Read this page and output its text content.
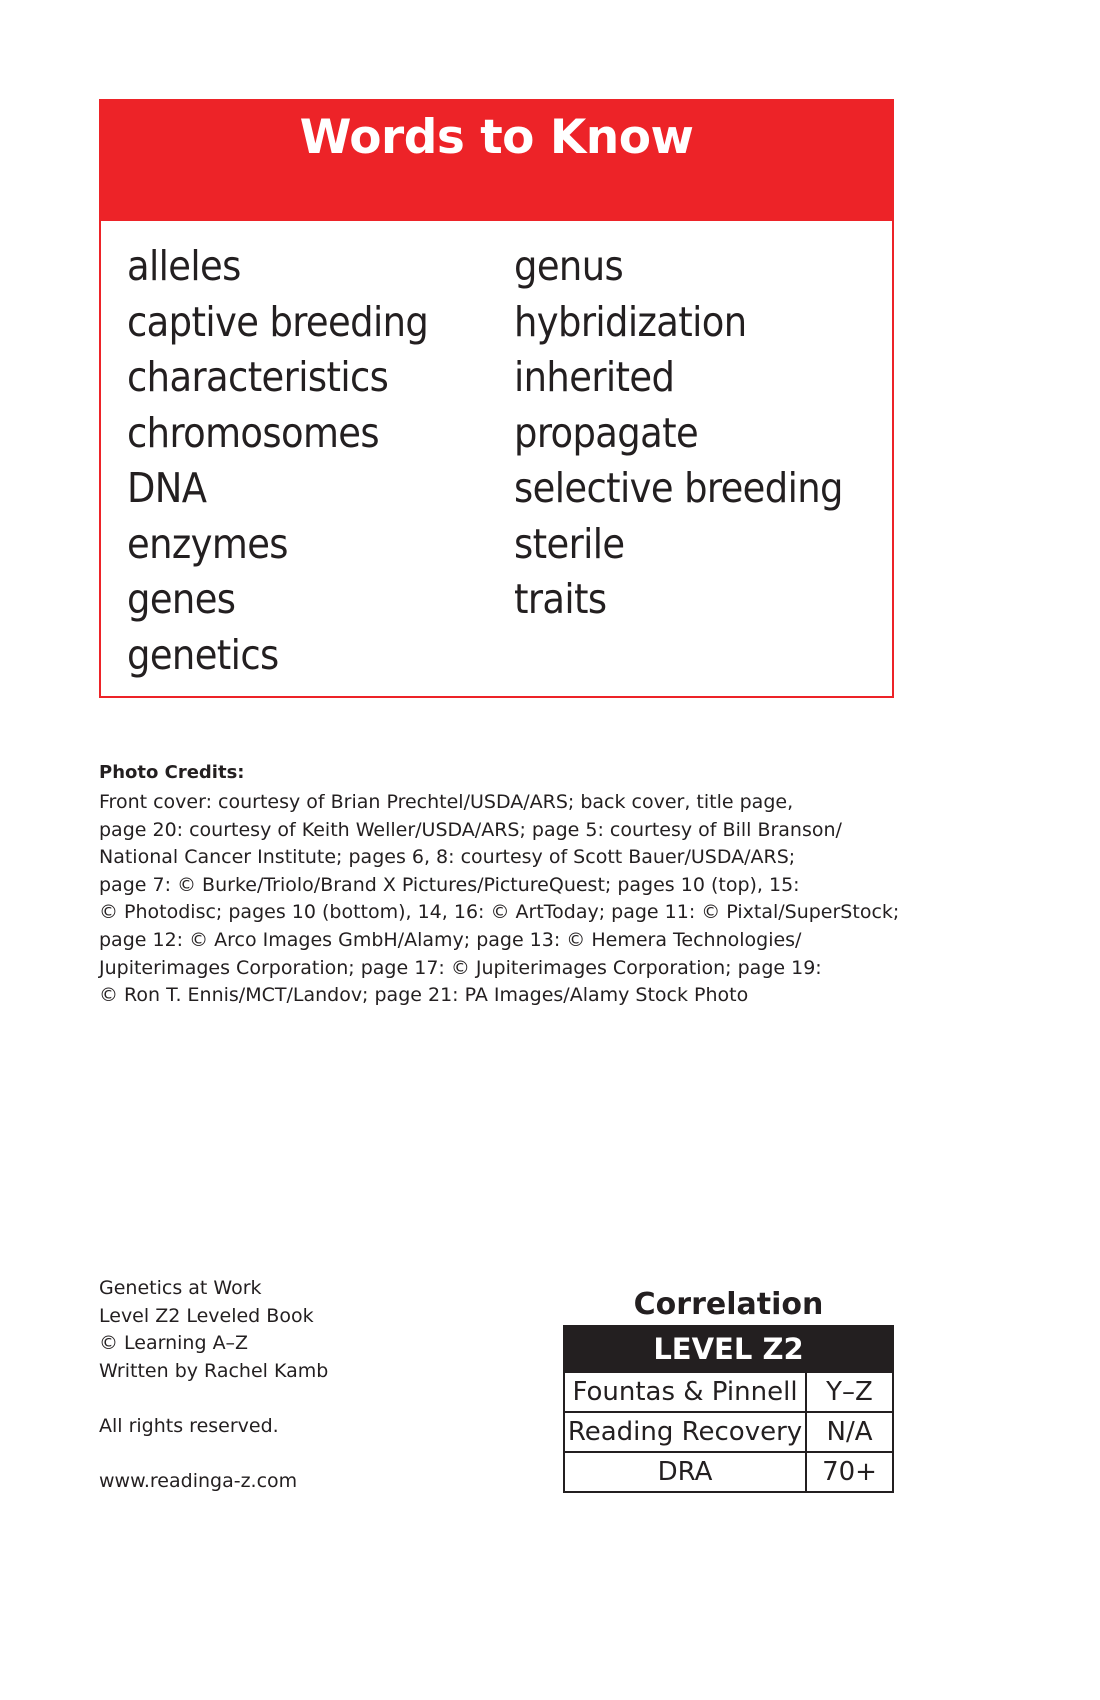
Words to Know
alleles
captive breeding
characteristics
chromosomes
DNA
enzymes
genes
genetics
genus
hybridization
inherited
propagate
selective breeding
sterile
traits
Photo Credits:
Front cover: courtesy of Brian Prechtel/USDA/ARS; back cover, title page,
page 20: courtesy of Keith Weller/USDA/ARS; page 5: courtesy of Bill Branson/
National Cancer Institute; pages 6, 8: courtesy of Scott Bauer/USDA/ARS;
page 7: © Burke/Triolo/Brand X Pictures/PictureQuest; pages 10 (top), 15:
© Photodisc; pages 10 (bottom), 14, 16: © ArtToday; page 11: © Pixtal/SuperStock;
page 12: © Arco Images GmbH/Alamy; page 13: © Hemera Technologies/
Jupiterimages Corporation; page 17: © Jupiterimages Corporation; page 19:
© Ron T. Ennis/MCT/Landov; page 21: PA Images/Alamy Stock Photo
Genetics at Work
Level Z2 Leveled Book
© Learning A–Z
Written by Rachel Kamb
All rights reserved.
www.readinga-z.com
Correlation
LEVEL Z2
Fountas & Pinnell	Y–Z
Reading Recovery N/A
DRA	70+
